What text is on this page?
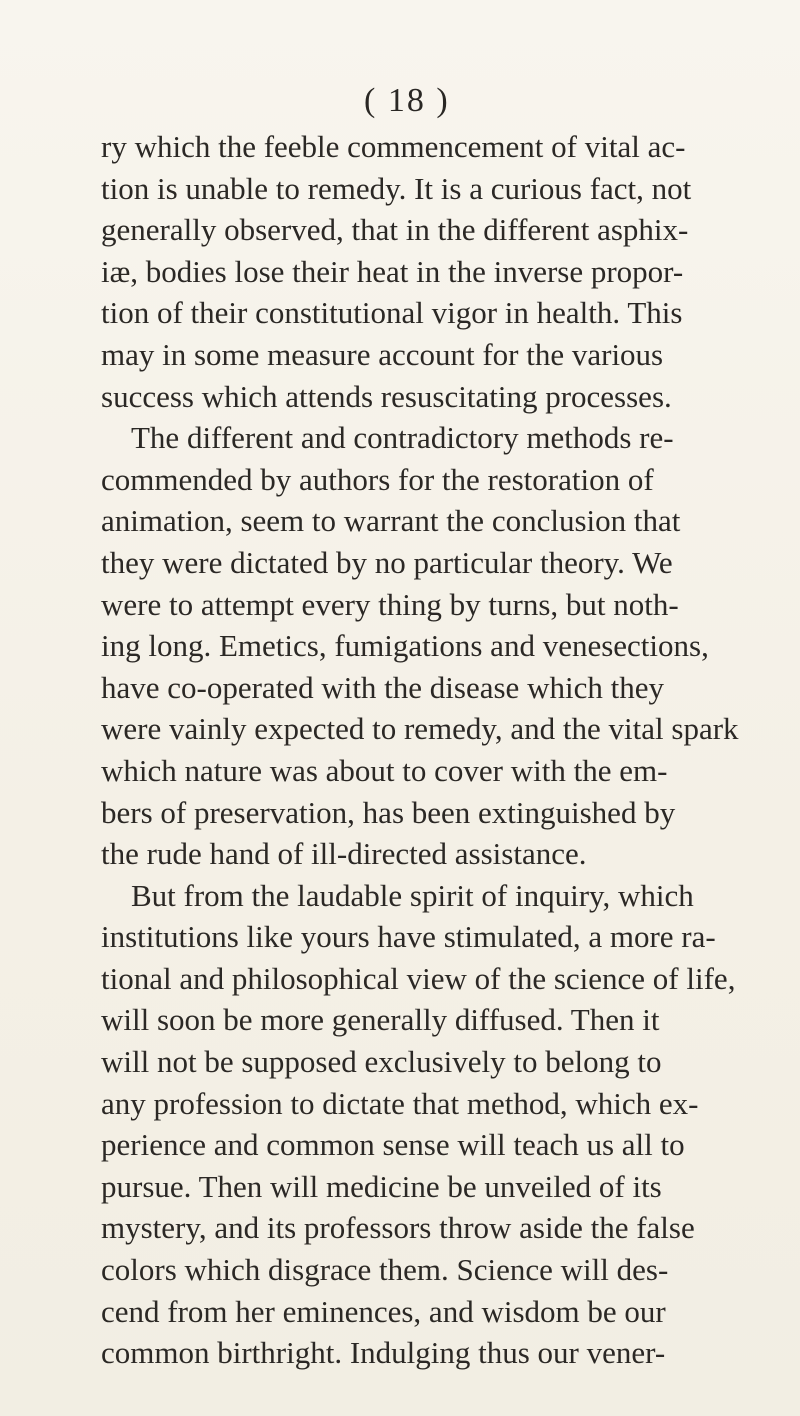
( 18 )
ry which the feeble commencement of vital ac-
tion is unable to remedy. It is a curious fact, not
generally observed, that in the different asphix-
iæ, bodies lose their heat in the inverse propor-
tion of their constitutional vigor in health. This
may in some measure account for the various
success which attends resuscitating processes.
The different and contradictory methods re-
commended by authors for the restoration of
animation, seem to warrant the conclusion that
they were dictated by no particular theory. We
were to attempt every thing by turns, but noth-
ing long. Emetics, fumigations and venesections,
have co-operated with the disease which they
were vainly expected to remedy, and the vital spark
which nature was about to cover with the em-
bers of preservation, has been extinguished by
the rude hand of ill-directed assistance.
But from the laudable spirit of inquiry, which
institutions like yours have stimulated, a more ra-
tional and philosophical view of the science of life,
will soon be more generally diffused. Then it
will not be supposed exclusively to belong to
any profession to dictate that method, which ex-
perience and common sense will teach us all to
pursue. Then will medicine be unveiled of its
mystery, and its professors throw aside the false
colors which disgrace them. Science will des-
cend from her eminences, and wisdom be our
common birthright. Indulging thus our vener-
